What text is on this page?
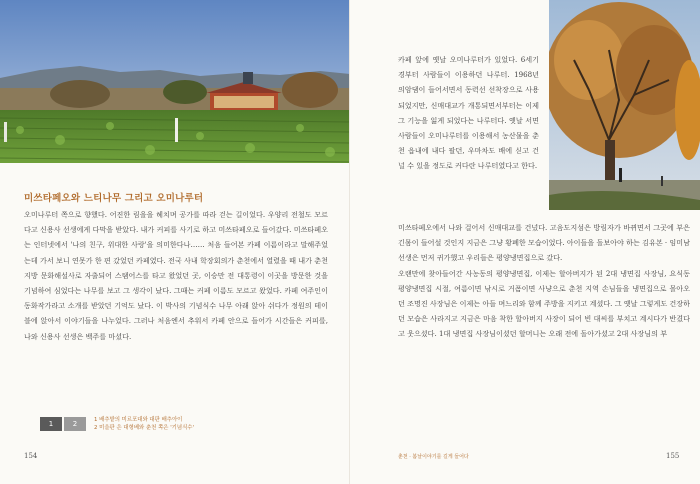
미쓰타페오와 느티나무 그리고 오미나루터

오미나루터 쪽으로 향했다. 어진한 림을을 헤치며 공가를 따라 걷는 길이었다. 우양리 전철도 모르다고 신용사 선생에게 다막을 받았다. 내가 커피를 사기로 하고 미쓰타페오로 들어갔다. 미쓰타페오는 인터넷에서 '나의 친구, 위대한 사랑'을 의미한다나…… 처음 들어본 카페 이름이라고 말해주었는데 가서 보니 연못가 한 편 갔었던 카페였다. 전국 사내 학장회의가 춘천에서 열렸을 때 내가 춘천지방 문화해설사로 자출되어 스탬어스를 타고 왔었던 곳, 이승만 전 대통령이 이곳을 방문한 것을 기념하여 심었다는 나무를 보고 그 생각이 났다. 그때는 커페 이름도 모르고 왔었다. 카페 여주인이 동화작가라고 소개를 받았던 기억도 났다. 이 박사의 기념식수 나무 아래 앉아 쉬다가 정원의 테이블에 앉아서 이야기들을 나누었다. 그러나 처음엔서 추워서 카페 안으로 들어가 시간들은 커피를, 나와 신용사 선생은 백주를 마셨다.

1	2	1 배추밭의 미르포대와 대판 배추아이
2 미을판 은 대형베와 춘천 쪽은 '기념식수'
154

카페 앞에 옛날 오미나루터가 있었다. 6세기경부터 사람들이 이용하던 나루터. 1968년 의암댐이 들어서면서 동력선 선착장으로 사용되었지만, 신매대교가 개통되면서부터는 이제 그 기능을 잃게 되었다는 나루터다. 옛날 서면 사람들이 오미나루터를 이용해서 농산물을 춘천 읍내에 내다 팔던, 우마차도 배에 싣고 건널 수 있을 정도로 커다란 나루터였다고 한다.

미쓰타페오에서 나와 걸어서 신매대교를 건넜다. 고음도지섬은 방림자가 바뀌면서 그곳에 부은 긴몸이 들어설 것인지 지금은 그냥 황폐한 모습이었다. 아이들을 돌보아야 하는 김유본 · 임미남 선생은 먼저 귀가했고 우리들은 평양냉면집으로 갔다.

오랜만에 찾아들어간 사농동의 평양냉면집, 이제는 할아버지가 된 2대 냉면집 사장님, 요식동 평양냉면집 시절, 여름이면 낚시로 거폼이면 사냥으로 춘천 지역 손님들을 냉면집으로 몰아오던 조명진 사장님은 이제는 아들 며느리와 함께 주방을 지키고 계셨다. 그 옛날 그렇게도 건장하던 모습은 사라지고 지금은 마음 착한 할아버지 사장이 되어 빈 대씨를 부치고 계시다가 반겼다고 웃으셨다. 1대 냉면집 사장님이셨던 할머니는 오래 전에 돌아가셨고 2대 사장님의 부

춘천 · 봄날이야기를 길게 들어다	155
